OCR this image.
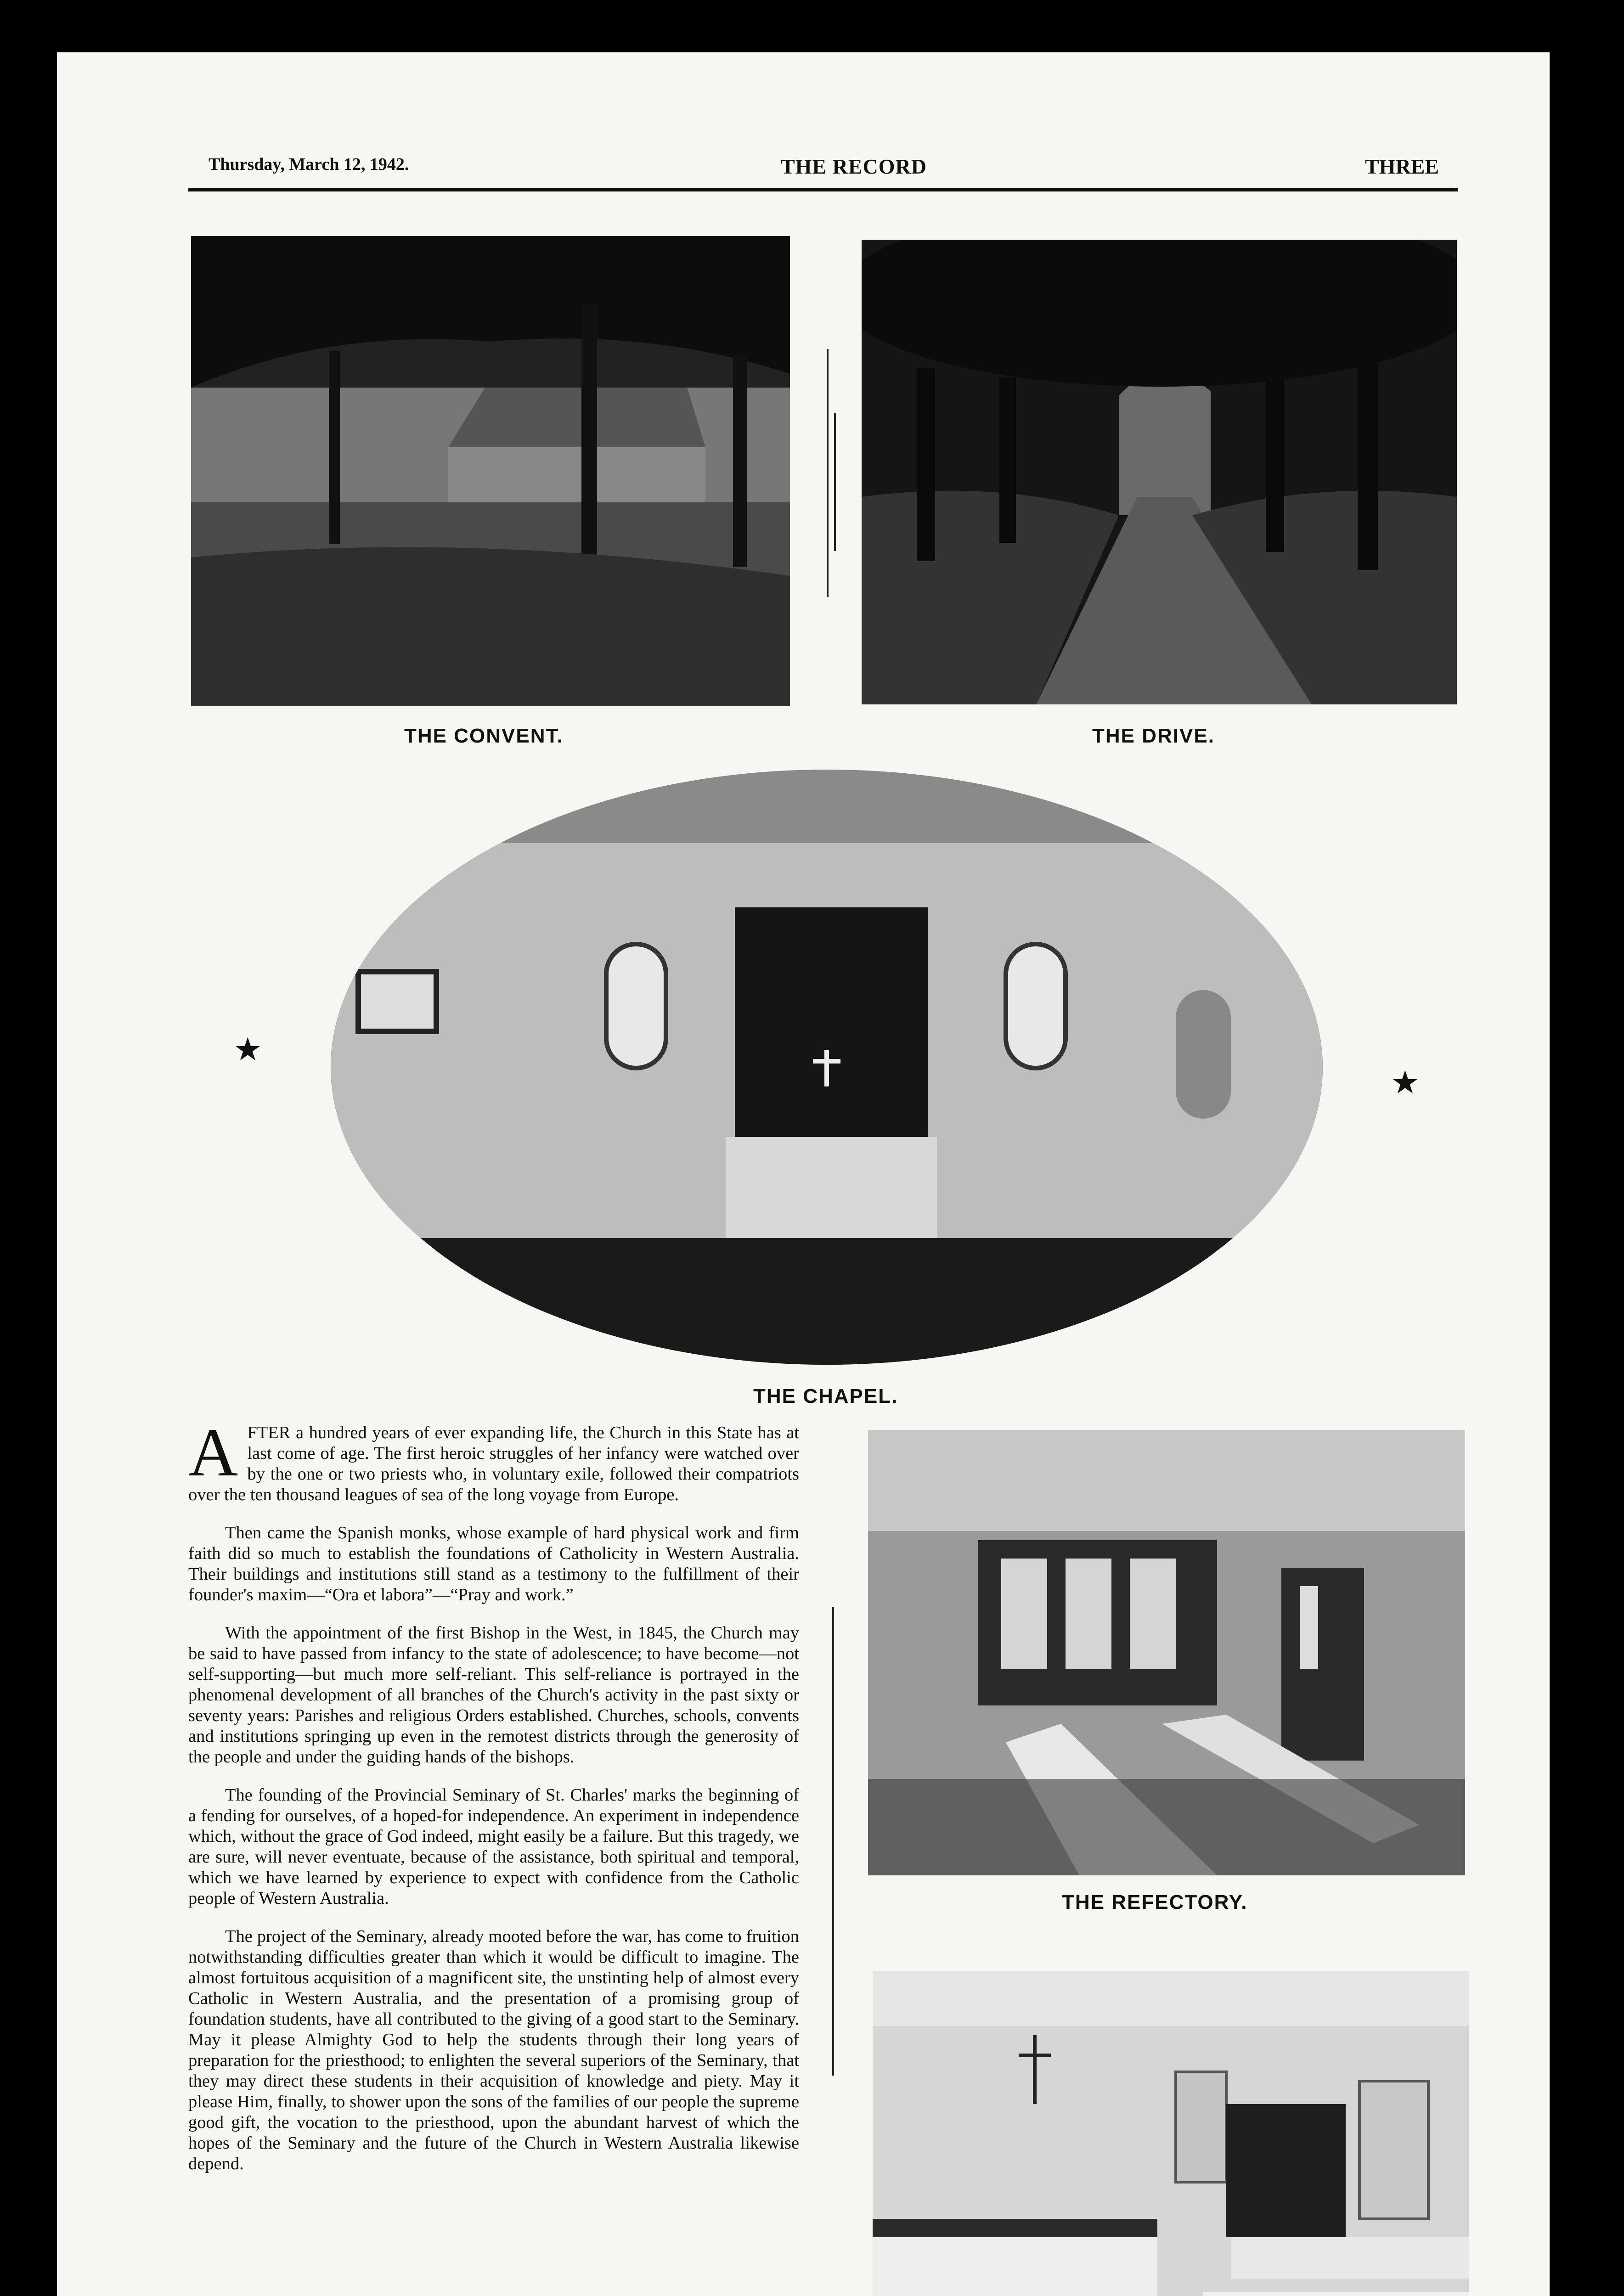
Thursday, March 12, 1942.	THE RECORD	THREE
THE CONVENT.	THE DRIVE.
★
★
THE CHAPEL.

AFTER a hundred years of ever expanding life, the Church in this State has at last come of age. The first heroic struggles of her infancy were watched over by the one or two priests who, in voluntary exile, followed their compatriots over the ten thousand leagues of sea of the long voyage from Europe.

Then came the Spanish monks, whose example of hard physical work and firm faith did so much to establish the foundations of Catholicity in Western Australia. Their buildings and institutions still stand as a testimony to the fulfillment of their founder's maxim—“Ora et labora”—“Pray and work.”

With the appointment of the first Bishop in the West, in 1845, the Church may be said to have passed from infancy to the state of adolescence; to have become—not self-supporting—but much more self-reliant. This self-reliance is portrayed in the phenomenal development of all branches of the Church's activity in the past sixty or seventy years: Parishes and religious Orders established. Churches, schools, convents and institutions springing up even in the remotest districts through the generosity of the people and under the guiding hands of the bishops.

The founding of the Provincial Seminary of St. Charles' marks the beginning of a fending for ourselves, of a hoped-for independence. An experiment in independence which, without the grace of God indeed, might easily be a failure. But this tragedy, we are sure, will never eventuate, because of the assistance, both spiritual and temporal, which we have learned by experience to expect with confidence from the Catholic people of Western Australia.

The project of the Seminary, already mooted before the war, has come to fruition notwithstanding difficulties greater than which it would be difficult to imagine. The almost fortuitous acquisition of a magnificent site, the unstinting help of almost every Catholic in Western Australia, and the presentation of a promising group of foundation students, have all contributed to the giving of a good start to the Seminary. May it please Almighty God to help the students through their long years of preparation for the priesthood; to enlighten the several superiors of the Seminary, that they may direct these students in their acquisition of knowledge and piety. May it please Him, finally, to shower upon the sons of the families of our people the supreme good gift, the vocation to the priesthood, upon the abundant harvest of which the hopes of the Seminary and the future of the Church in Western Australia likewise depend.

THE REFECTORY.
